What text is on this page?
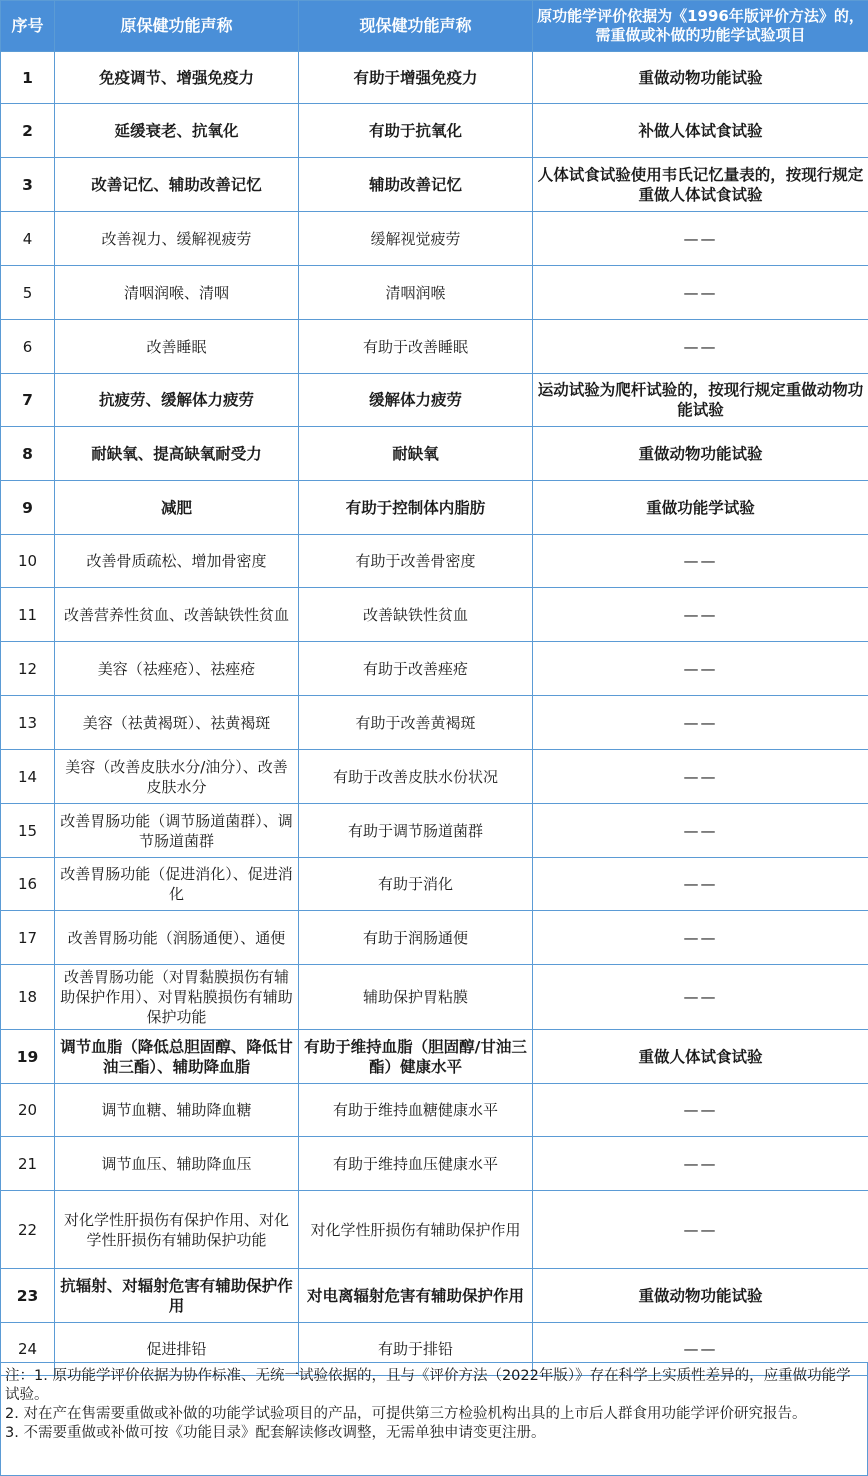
序号	原保健功能声称	现保健功能声称	原功能学评价依据为《1996年版评价方法》的，需重做或补做的功能学试验项目
1	免疫调节、增强免疫力	有助于增强免疫力	重做动物功能试验
2	延缓衰老、抗氧化	有助于抗氧化	补做人体试食试验
3	改善记忆、辅助改善记忆	辅助改善记忆	人体试食试验使用韦氏记忆量表的，按现行规定重做人体试食试验
4	改善视力、缓解视疲劳	缓解视觉疲劳	——
5	清咽润喉、清咽	清咽润喉	——
6	改善睡眠	有助于改善睡眠	——
7	抗疲劳、缓解体力疲劳	缓解体力疲劳	运动试验为爬杆试验的，按现行规定重做动物功能试验
8	耐缺氧、提高缺氧耐受力	耐缺氧	重做动物功能试验
9	减肥	有助于控制体内脂肪	重做功能学试验
10	改善骨质疏松、增加骨密度	有助于改善骨密度	——
11	改善营养性贫血、改善缺铁性贫血	改善缺铁性贫血	——
12	美容（祛痤疮）、祛痤疮	有助于改善痤疮	——
13	美容（祛黄褐斑）、祛黄褐斑	有助于改善黄褐斑	——
14	美容（改善皮肤水分/油分）、改善皮肤水分	有助于改善皮肤水份状况	——
15	改善胃肠功能（调节肠道菌群）、调节肠道菌群	有助于调节肠道菌群	——
16	改善胃肠功能（促进消化）、促进消化	有助于消化	——
17	改善胃肠功能（润肠通便）、通便	有助于润肠通便	——
18	改善胃肠功能（对胃黏膜损伤有辅助保护作用）、对胃粘膜损伤有辅助保护功能	辅助保护胃粘膜	——
19	调节血脂（降低总胆固醇、降低甘油三酯）、辅助降血脂	有助于维持血脂（胆固醇/甘油三酯）健康水平	重做人体试食试验
20	调节血糖、辅助降血糖	有助于维持血糖健康水平	——
21	调节血压、辅助降血压	有助于维持血压健康水平	——
22	对化学性肝损伤有保护作用、对化学性肝损伤有辅助保护功能	对化学性肝损伤有辅助保护作用	——
23	抗辐射、对辐射危害有辅助保护作用	对电离辐射危害有辅助保护作用	重做动物功能试验
24	促进排铅	有助于排铅	——
注：1. 原功能学评价依据为协作标准、无统一试验依据的，且与《评价方法（2022年版）》存在科学上实质性差异的，应重做功能学试验。
2. 对在产在售需要重做或补做的功能学试验项目的产品，可提供第三方检验机构出具的上市后人群食用功能学评价研究报告。
3. 不需要重做或补做可按《功能目录》配套解读修改调整，无需单独申请变更注册。
